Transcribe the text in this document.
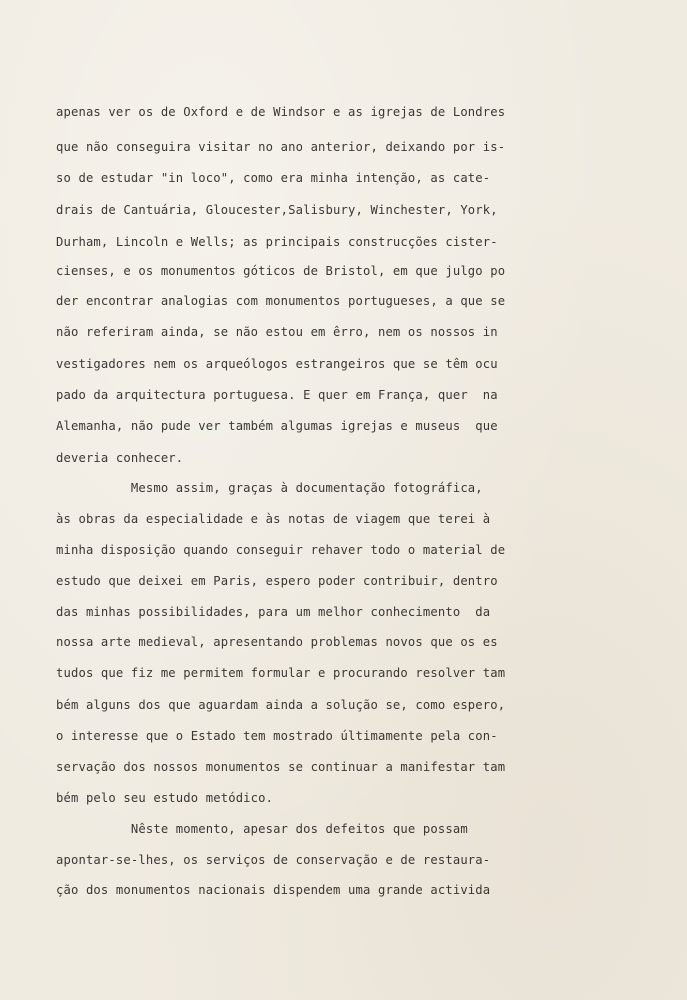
apenas ver os de Oxford e de Windsor e as igrejas de Londres
que não conseguira visitar no ano anterior, deixando por is-
so de estudar "in loco", como era minha intenção, as cate-
drais de Cantuária, Gloucester,Salisbury, Winchester, York,
Durham, Lincoln e Wells; as principais construcções cister-
cienses, e os monumentos góticos de Bristol, em que julgo po
der encontrar analogias com monumentos portugueses, a que se
não referiram ainda, se não estou em êrro, nem os nossos in
vestigadores nem os arqueólogos estrangeiros que se têm ocu
pado da arquitectura portuguesa. E quer em França, quer  na
Alemanha, não pude ver também algumas igrejas e museus  que
deveria conhecer.
Mesmo assim, graças à documentação fotográfica,
às obras da especialidade e às notas de viagem que terei à
minha disposição quando conseguir rehaver todo o material de
estudo que deixei em Paris, espero poder contribuir, dentro
das minhas possibilidades, para um melhor conhecimento  da
nossa arte medieval, apresentando problemas novos que os es
tudos que fiz me permitem formular e procurando resolver tam
bém alguns dos que aguardam ainda a solução se, como espero,
o interesse que o Estado tem mostrado últimamente pela con-
servação dos nossos monumentos se continuar a manifestar tam
bém pelo seu estudo metódico.
Nêste momento, apesar dos defeitos que possam
apontar-se-lhes, os serviços de conservação e de restaura-
ção dos monumentos nacionais dispendem uma grande activida
